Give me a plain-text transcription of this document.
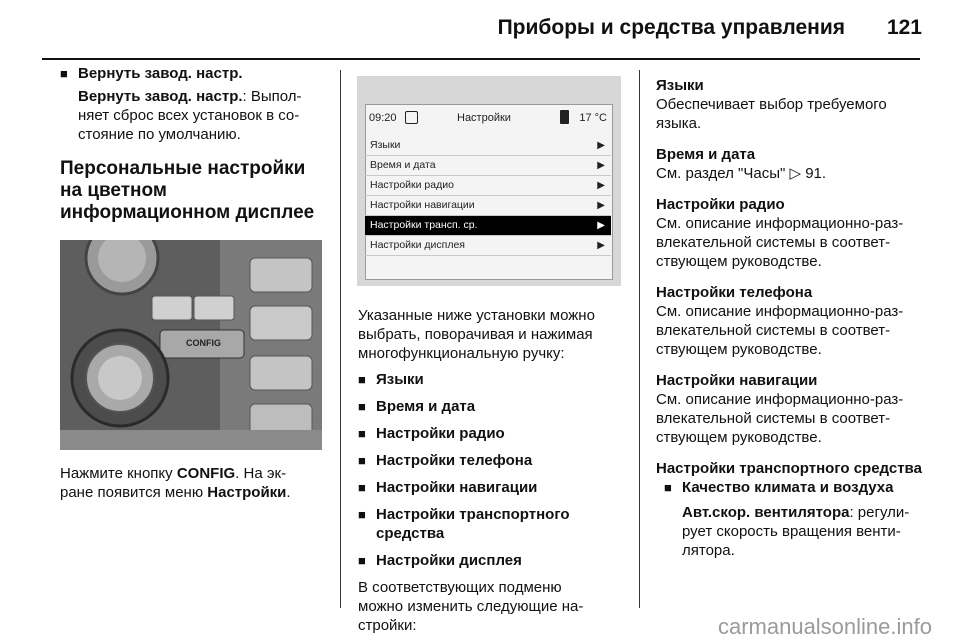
Приборы и средства управления 121
■ Вернуть завод. настр.

Вернуть завод. настр.: Выпол-
няет сброс всех установок в со-
стояние по умолчанию.

Персональные настройки на цветном информационном дисплее

CONFIG

Нажмите кнопку CONFIG. На эк-
ране появится меню Настройки.

09:20	Настройки	17 °C
Языки	▶
Время и дата	▶
Настройки радио	▶
Настройки навигации	▶
Настройки трансп. ср.	▶
Настройки дисплея	▶

Указанные ниже установки можно
выбрать, поворачивая и нажимая
многофункциональную ручку:

■ Языки
■ Время и дата
■ Настройки радио
■ Настройки телефона
■ Настройки навигации
■ Настройки транспортного
средства
■ Настройки дисплея

В соответствующих подменю
можно изменить следующие на-
стройки:

Языки

Обеспечивает выбор требуемого
языка.

Время и дата

См. раздел "Часы" ▷ 91.

Настройки радио

См. описание информационно-раз-
влекательной системы в соответ-
ствующем руководстве.

Настройки телефона

См. описание информационно-раз-
влекательной системы в соответ-
ствующем руководстве.

Настройки навигации

См. описание информационно-раз-
влекательной системы в соответ-
ствующем руководстве.

Настройки транспортного средства

■ Качество климата и воздуха

Авт.скор. вентилятора: регули-
рует скорость вращения венти-
лятора.

carmanualsonline.info
